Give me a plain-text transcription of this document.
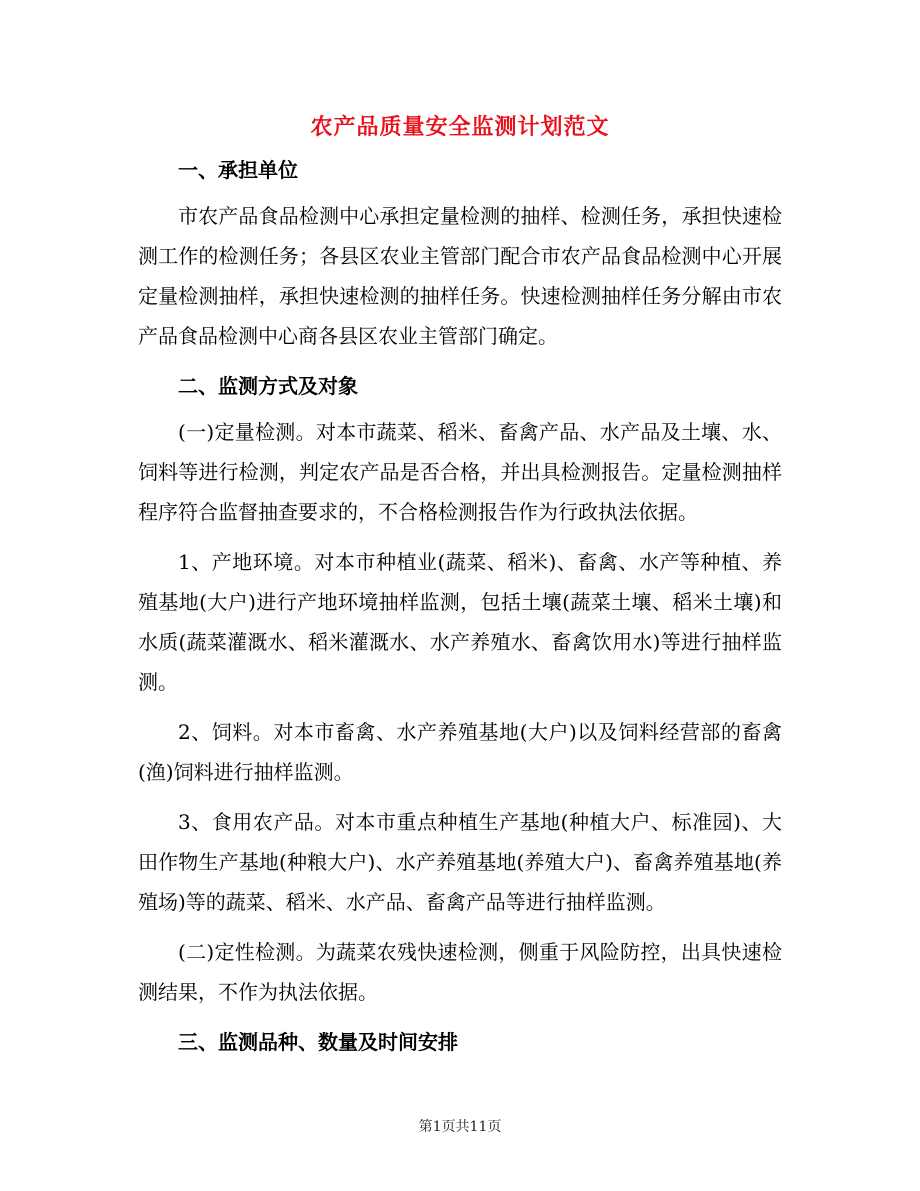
农产品质量安全监测计划范文

一、承担单位

市农产品食品检测中心承担定量检测的抽样、检测任务，承担快速检测工作的检测任务；各县区农业主管部门配合市农产品食品检测中心开展定量检测抽样，承担快速检测的抽样任务。快速检测抽样任务分解由市农产品食品检测中心商各县区农业主管部门确定。

二、监测方式及对象

(一)定量检测。对本市蔬菜、稻米、畜禽产品、水产品及土壤、水、饲料等进行检测，判定农产品是否合格，并出具检测报告。定量检测抽样程序符合监督抽查要求的，不合格检测报告作为行政执法依据。

1、产地环境。对本市种植业(蔬菜、稻米)、畜禽、水产等种植、养殖基地(大户)进行产地环境抽样监测，包括土壤(蔬菜土壤、稻米土壤)和水质(蔬菜灌溉水、稻米灌溉水、水产养殖水、畜禽饮用水)等进行抽样监测。

2、饲料。对本市畜禽、水产养殖基地(大户)以及饲料经营部的畜禽(渔)饲料进行抽样监测。

3、食用农产品。对本市重点种植生产基地(种植大户、标准园)、大田作物生产基地(种粮大户)、水产养殖基地(养殖大户)、畜禽养殖基地(养殖场)等的蔬菜、稻米、水产品、畜禽产品等进行抽样监测。

(二)定性检测。为蔬菜农残快速检测，侧重于风险防控，出具快速检测结果，不作为执法依据。

三、监测品种、数量及时间安排

第1页共11页
